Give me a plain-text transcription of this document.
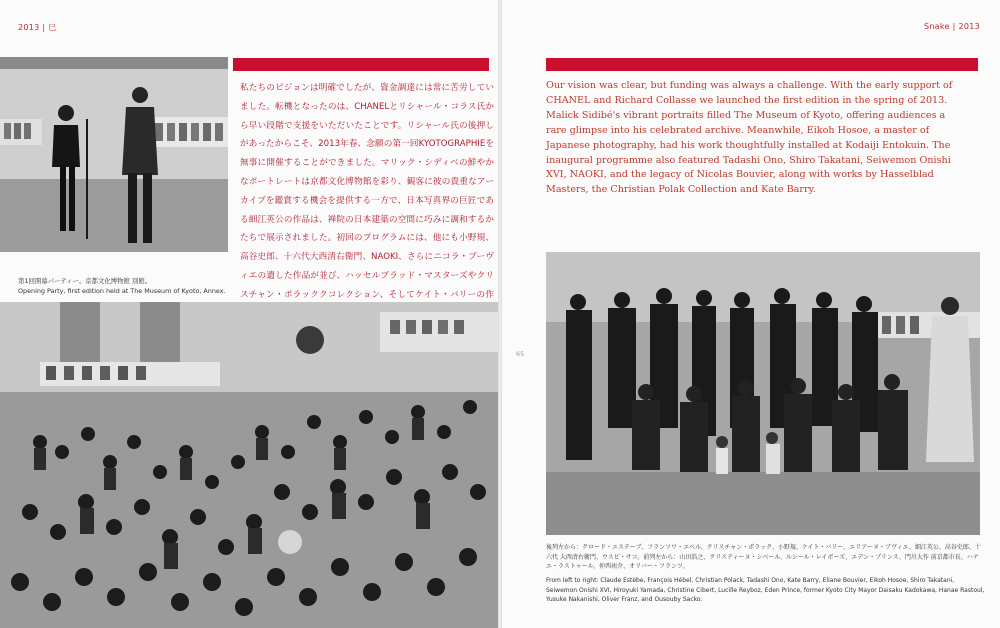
2013 | 巳

私たちのビジョンは明確でしたが、資金調達には常に苦労していました。転機となったのは、CHANELとリシャール・コラス氏から早い段階で支援をいただいたことです。リシャール氏の後押しがあったからこそ、2013年春、念願の第一回KYOTOGRAPHIEを無事に開催することができました。マリック・シディベの鮮やかなポートレートは京都文化博物館を彩り、観客に彼の貴重なアーカイブを鑑賞する機会を提供する一方で、日本写真界の巨匠である細江英公の作品は、禅院の日本建築の空間に巧みに調和するかたちで展示されました。初回のプログラムには、他にも小野規、高谷史郎、十六代大西清右衛門、NAOKI、さらにニコラ・ブーヴィエの遺した作品が並び、ハッセルブラッド・マスターズやクリスチャン・ポラッククコレクション、そしてケイト・バリーの作

第1回開幕パーティー。京都文化博物館 別館。
Opening Party, first edition held at The Museum of Kyoto, Annex.
Snake | 2013

Our vision was clear, but funding was always a challenge. With the early support of CHANEL and Richard Collasse we launched the first edition in the spring of 2013. Malick Sidibé's vibrant portraits filled The Museum of Kyoto, offering audiences a rare glimpse into his celebrated archive. Meanwhile, Eikoh Hosoe, a master of Japanese photography, had his work thoughtfully installed at Kodaiji Entokuin. The inaugural programme also featured Tadashi Ono, Shiro Takatani, Seiwemon Onishi XVI, NAOKI, and the legacy of Nicolas Bouvier, along with works by Hasselblad Masters, the Christian Polak Collection and Kate Barry.

65
後列左から：クロード・エステーブ、フランソワ・エベル、クリスチャン・ポラック、小野規、ケイト・バリー、エリアーヌ・ブヴィエ、細江英公、高谷史郎、十六代 大西清右衛門、ウスビ・サコ。前列左から：山田浩之、クリスティーヌ・シベール、ルシール・レイボーズ、エデン・プリンス、門川大作 前京都市長、ハナエ・ラストゥール、仲西祐介、オリバー・フランツ。
From left to right: Claude Estèbe, François Hébel, Christian Polack, Tadashi Ono, Kate Barry, Eliane Bouvier, Eikoh Hosoe, Shiro Takatani, Seiwemon Onishi XVI, Hiroyuki Yamada, Christine Cibert, Lucille Reyboz, Eden Prince, former Kyoto City Mayor Daisaku Kadokawa, Hanae Rastoul, Yusuke Nakanishi, Oliver Franz, and Ousouby Sacko.
